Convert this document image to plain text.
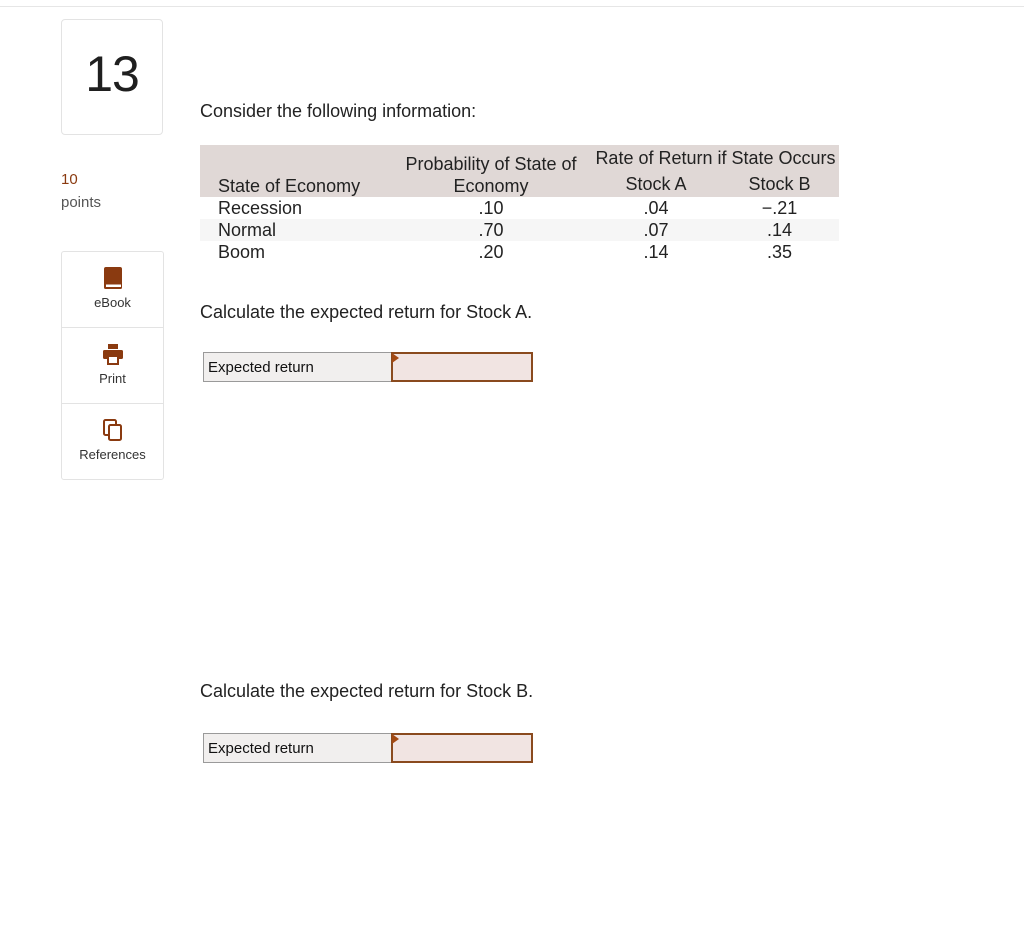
13
10
points
eBook
Print
References
Consider the following information:
State of Economy	Probability of State of Economy	Rate of Return if State Occurs	
		Stock A	Stock B
Recession	.10	.04	−.21
Normal	.70	.07	.14
Boom	.20	.14	.35
Calculate the expected return for Stock A.
Expected return
Calculate the expected return for Stock B.
Expected return
